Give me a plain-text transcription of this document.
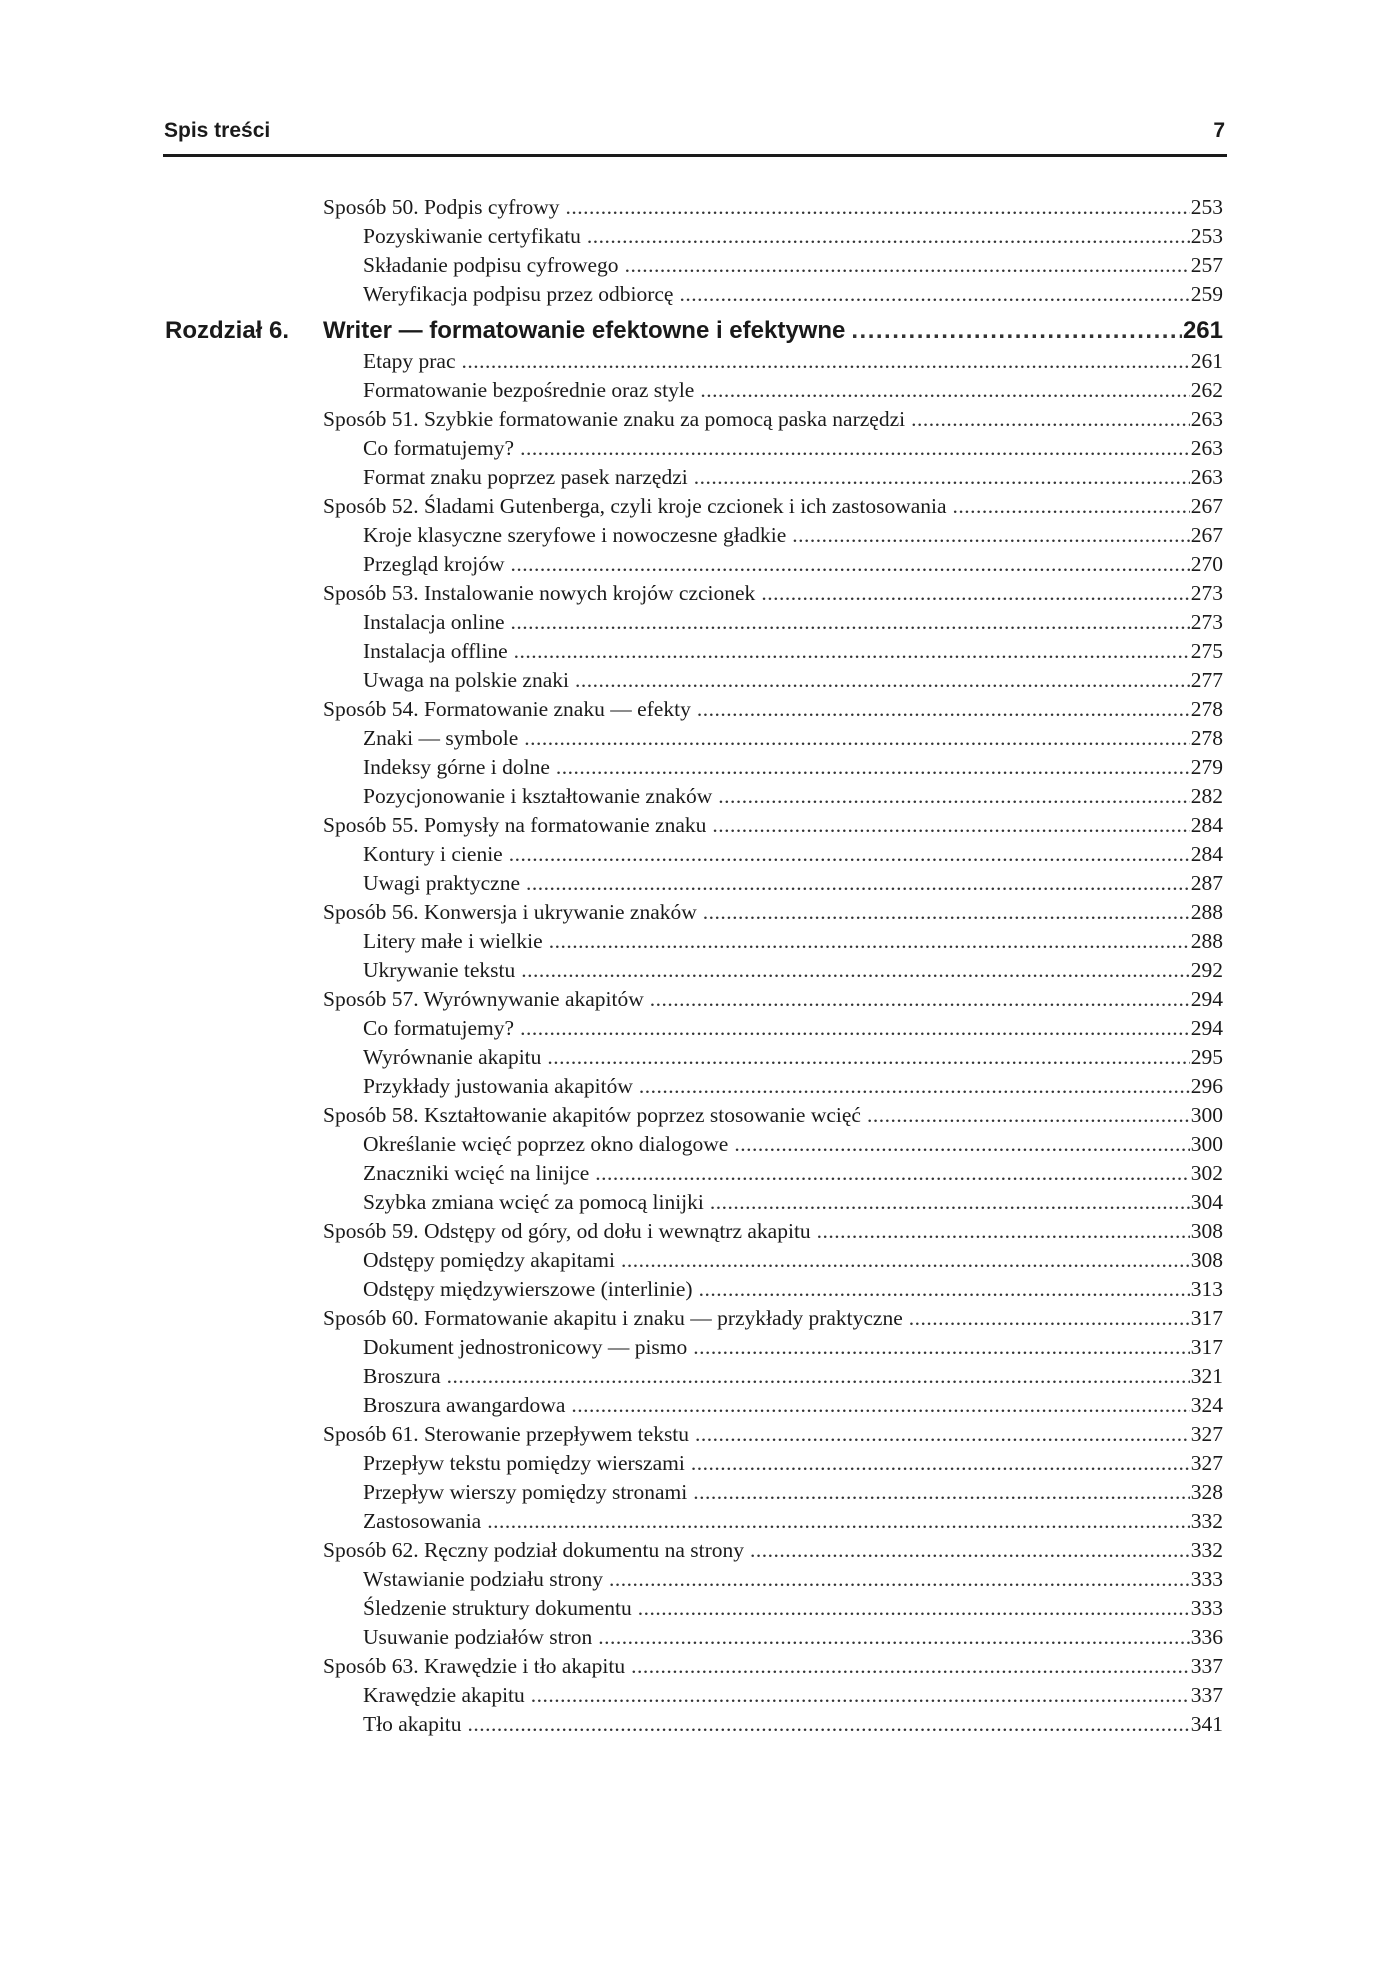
Spis treści	7
Sposób 50. Podpis cyfrowy .....	253
Pozyskiwanie certyfikatu .....	253
Składanie podpisu cyfrowego .....	257
Weryfikacja podpisu przez odbiorcę .....	259
Rozdział 6. Writer — formatowanie efektowne i efektywne .....	261
Etapy prac .....	261
Formatowanie bezpośrednie oraz style .....	262
Sposób 51. Szybkie formatowanie znaku za pomocą paska narzędzi .....	263
Co formatujemy? .....	263
Format znaku poprzez pasek narzędzi .....	263
Sposób 52. Śladami Gutenberga, czyli kroje czcionek i ich zastosowania .....	267
Kroje klasyczne szeryfowe i nowoczesne gładkie .....	267
Przegląd krojów .....	270
Sposób 53. Instalowanie nowych krojów czcionek .....	273
Instalacja online .....	273
Instalacja offline .....	275
Uwaga na polskie znaki .....	277
Sposób 54. Formatowanie znaku — efekty .....	278
Znaki — symbole .....	278
Indeksy górne i dolne .....	279
Pozycjonowanie i kształtowanie znaków .....	282
Sposób 55. Pomysły na formatowanie znaku .....	284
Kontury i cienie .....	284
Uwagi praktyczne .....	287
Sposób 56. Konwersja i ukrywanie znaków .....	288
Litery małe i wielkie .....	288
Ukrywanie tekstu .....	292
Sposób 57. Wyrównywanie akapitów .....	294
Co formatujemy? .....	294
Wyrównanie akapitu .....	295
Przykłady justowania akapitów .....	296
Sposób 58. Kształtowanie akapitów poprzez stosowanie wcięć .....	300
Określanie wcięć poprzez okno dialogowe .....	300
Znaczniki wcięć na linijce .....	302
Szybka zmiana wcięć za pomocą linijki .....	304
Sposób 59. Odstępy od góry, od dołu i wewnątrz akapitu .....	308
Odstępy pomiędzy akapitami .....	308
Odstępy międzywierszowe (interlinie) .....	313
Sposób 60. Formatowanie akapitu i znaku — przykłady praktyczne .....	317
Dokument jednostronicowy — pismo .....	317
Broszura .....	321
Broszura awangardowa .....	324
Sposób 61. Sterowanie przepływem tekstu .....	327
Przepływ tekstu pomiędzy wierszami .....	327
Przepływ wierszy pomiędzy stronami .....	328
Zastosowania .....	332
Sposób 62. Ręczny podział dokumentu na strony .....	332
Wstawianie podziału strony .....	333
Śledzenie struktury dokumentu .....	333
Usuwanie podziałów stron .....	336
Sposób 63. Krawędzie i tło akapitu .....	337
Krawędzie akapitu .....	337
Tło akapitu .....	341
